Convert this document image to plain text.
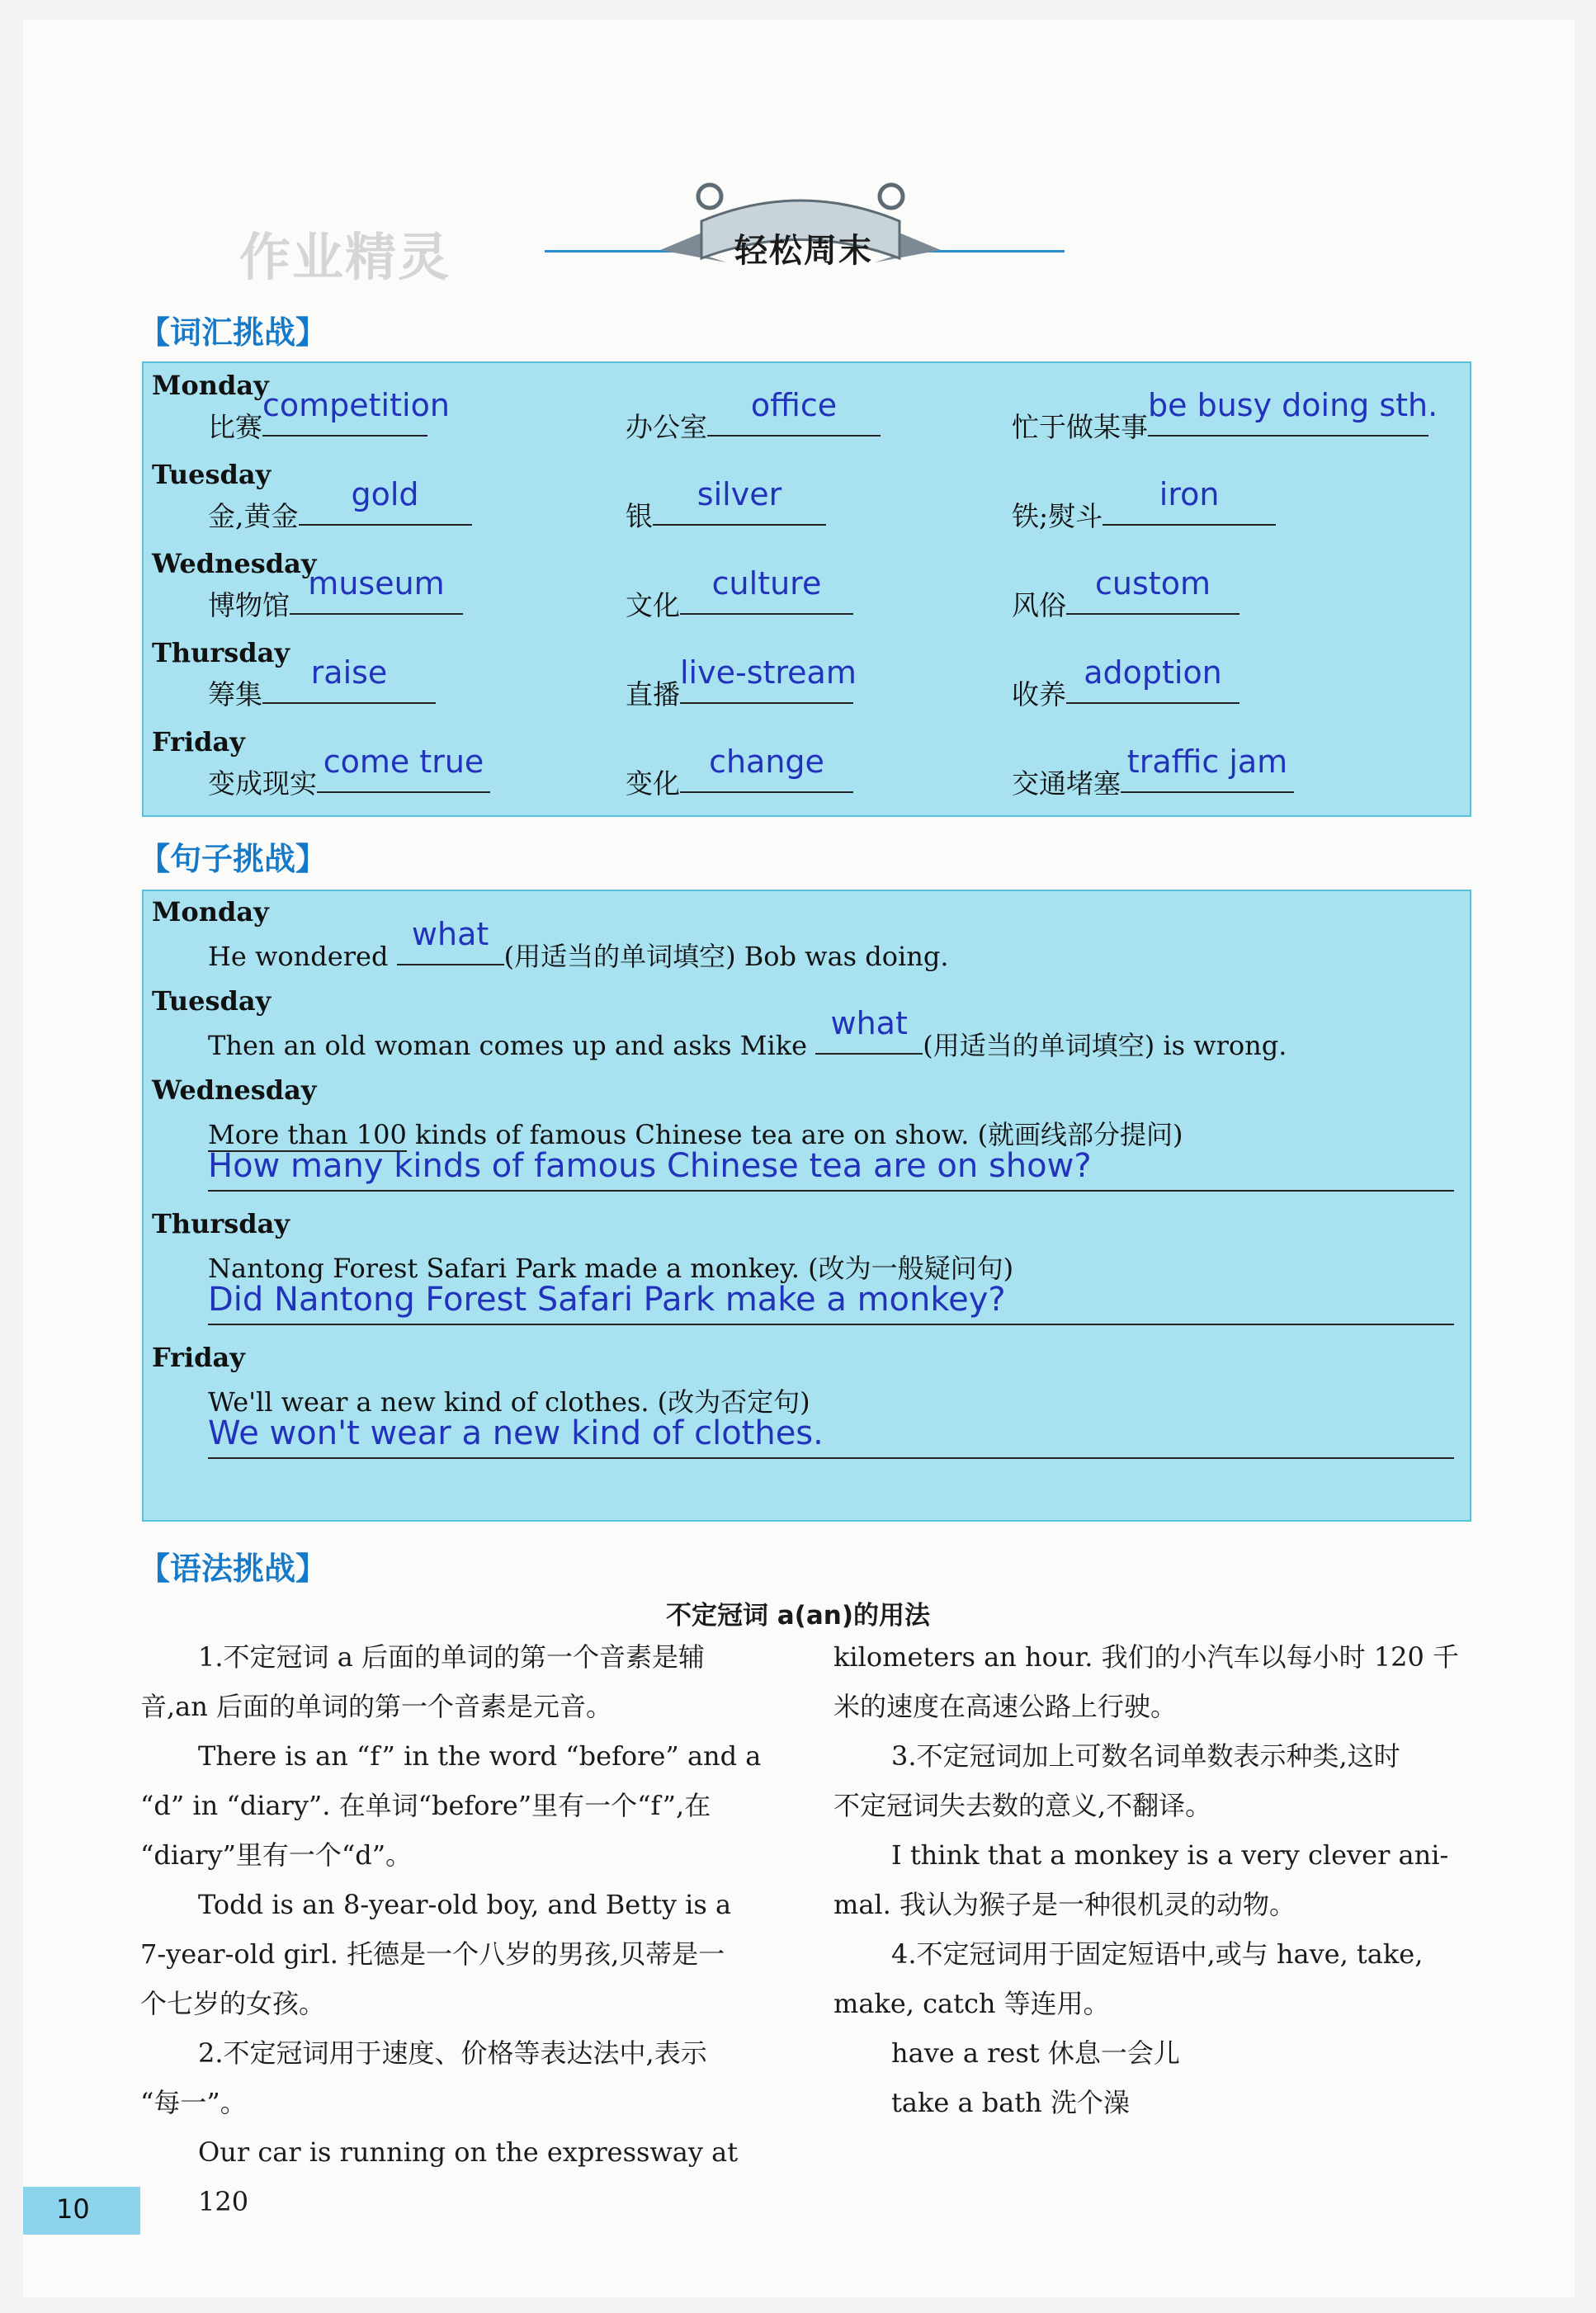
作业精灵	轻松周末
【词汇挑战】
Monday
比赛
competition
办公室
office
忙于做某事
be busy doing sth.
Tuesday
金,黄金
gold
银
silver
铁;熨斗
iron
Wednesday
博物馆
museum
文化
culture
风俗
custom
Thursday
筹集
raise
直播
live-stream
收养
adoption
Friday
变成现实
come true
变化
change
交通堵塞
traffic jam
【句子挑战】
Monday
He wondered
what
(用适当的单词填空) Bob was doing.
Tuesday
Then an old woman comes up and asks Mike
what
(用适当的单词填空) is wrong.
Wednesday
More than 100 kinds of famous Chinese tea are on show. (就画线部分提问)
How many kinds of famous Chinese tea are on show?
Thursday
Nantong Forest Safari Park made a monkey. (改为一般疑问句)
Did Nantong Forest Safari Park make a monkey?
Friday
We'll wear a new kind of clothes. (改为否定句)
We won't wear a new kind of clothes.
【语法挑战】
不定冠词 a(an)的用法
1.不定冠词 a 后面的单词的第一个音素是辅
音,an 后面的单词的第一个音素是元音。
There is an “f” in the word “before” and a
“d” in “diary”. 在单词“before”里有一个“f”,在
“diary”里有一个“d”。
Todd is an 8-year-old boy, and Betty is a
7-year-old girl. 托德是一个八岁的男孩,贝蒂是一
个七岁的女孩。
2.不定冠词用于速度、价格等表达法中,表示
“每一”。
Our car is running on the expressway at 120
kilometers an hour. 我们的小汽车以每小时 120 千
米的速度在高速公路上行驶。
3.不定冠词加上可数名词单数表示种类,这时
不定冠词失去数的意义,不翻译。
I think that a monkey is a very clever ani-
mal. 我认为猴子是一种很机灵的动物。
4.不定冠词用于固定短语中,或与 have, take,
make, catch 等连用。
have a rest 休息一会儿
take a bath 洗个澡
10
